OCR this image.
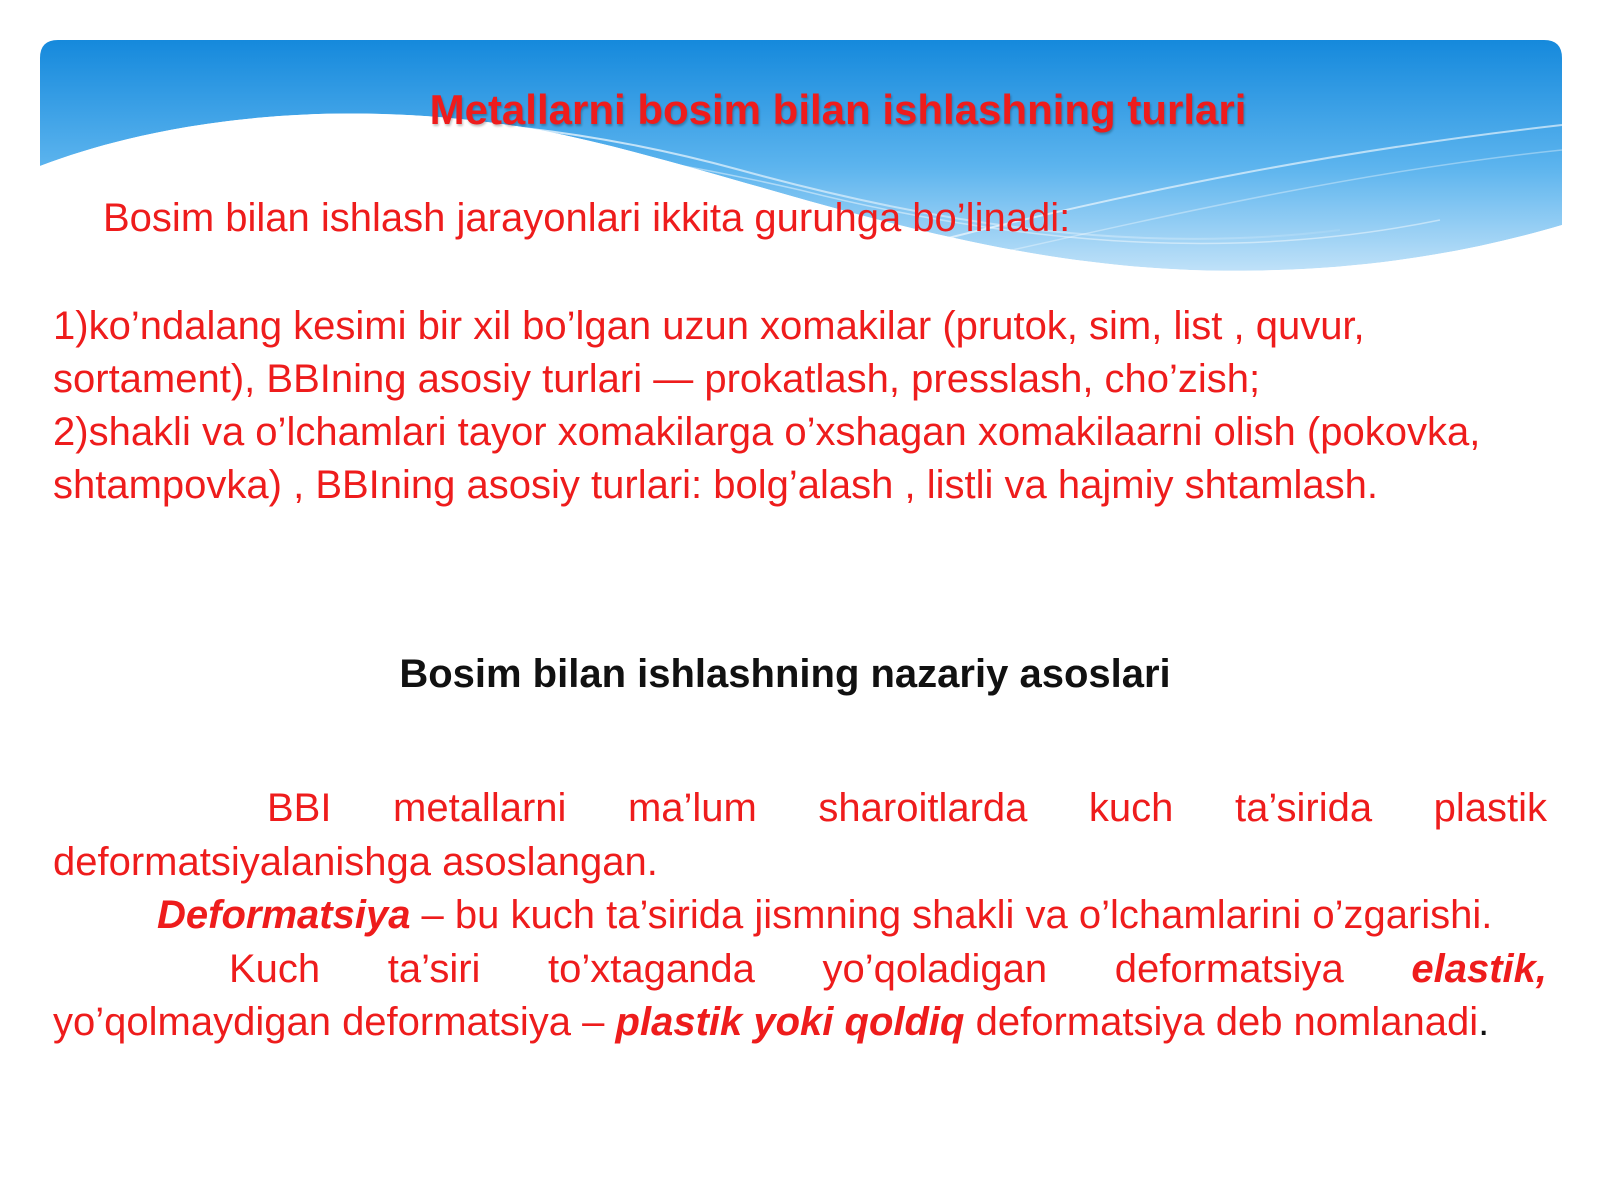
Metallarni bosim bilan ishlashning turlari

Bosim bilan ishlash jarayonlari ikkita guruhga bo’linadi:

1)ko’ndalang kesimi bir xil bo’lgan uzun xomakilar (prutok, sim, list , quvur, sortament), BBIning asosiy turlari — prokatlash, presslash, cho’zish;

2)shakli va o’lchamlari tayor xomakilarga o’xshagan xomakilaarni olish (pokovka, shtampovka) , BBIning asosiy turlari: bolg’alash , listli va hajmiy shtamlash.

Bosim bilan ishlashning nazariy asoslari

BBI metallarni ma’lum sharoitlarda kuch ta’sirida plastik deformatsiyalanishga asoslangan.

Deformatsiya – bu kuch ta’sirida jismning shakli va o’lchamlarini o’zgarishi.

Kuch ta’siri to’xtaganda yo’qoladigan deformatsiya elastik, yo’qolmaydigan deformatsiya – plastik yoki qoldiq deformatsiya deb nomlanadi.
